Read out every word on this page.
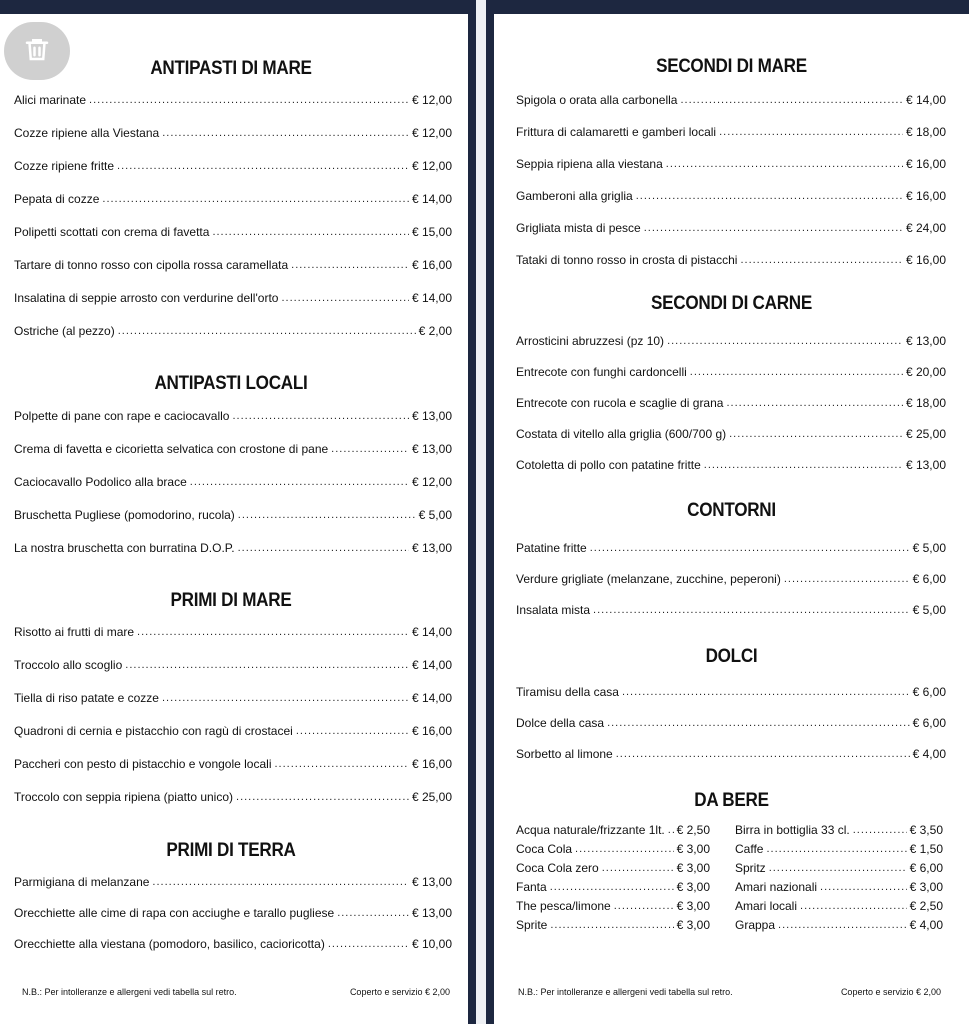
ANTIPASTI DI MARE
Alici marinate .....	€ 12,00
Cozze ripiene alla Viestana .....	€ 12,00
Cozze ripiene fritte .....	€ 12,00
Pepata di cozze .....	€ 14,00
Polipetti scottati con crema di favetta .....	€ 15,00
Tartare di tonno rosso con cipolla rossa caramellata .....	€ 16,00
Insalatina di seppie arrosto con verdurine dell'orto .....	€ 14,00
Ostriche (al pezzo) .....	€ 2,00
ANTIPASTI LOCALI
Polpette di pane con rape e caciocavallo .....	€ 13,00
Crema di favetta e cicorietta selvatica con crostone di pane .....	€ 13,00
Caciocavallo Podolico alla brace .....	€ 12,00
Bruschetta Pugliese (pomodorino, rucola) .....	€ 5,00
La nostra bruschetta con burratina D.O.P. .....	€ 13,00
PRIMI DI MARE
Risotto ai frutti di mare .....	€ 14,00
Troccolo allo scoglio .....	€ 14,00
Tiella di riso patate e cozze .....	€ 14,00
Quadroni di cernia e pistacchio con ragù di crostacei .....	€ 16,00
Paccheri con pesto di pistacchio e vongole locali .....	€ 16,00
Troccolo con seppia ripiena (piatto unico) .....	€ 25,00
PRIMI DI TERRA
Parmigiana di melanzane .....	€ 13,00
Orecchiette alle cime di rapa con acciughe e tarallo pugliese .....	€ 13,00
Orecchiette alla viestana (pomodoro, basilico, cacioricotta) .....	€ 10,00
N.B.: Per intolleranze e allergeni vedi tabella sul retro.	Coperto e servizio € 2,00
SECONDI DI MARE
Spigola o orata alla carbonella .....	€ 14,00
Frittura di calamaretti e gamberi locali .....	€ 18,00
Seppia ripiena alla viestana .....	€ 16,00
Gamberoni alla griglia .....	€ 16,00
Grigliata mista di pesce .....	€ 24,00
Tataki di tonno rosso in crosta di pistacchi .....	€ 16,00
SECONDI DI CARNE
Arrosticini abruzzesi (pz 10) .....	€ 13,00
Entrecote con funghi cardoncelli .....	€ 20,00
Entrecote con rucola e scaglie di grana .....	€ 18,00
Costata di vitello alla griglia (600/700 g) .....	€ 25,00
Cotoletta di pollo con patatine fritte .....	€ 13,00
CONTORNI
Patatine fritte .....	€ 5,00
Verdure grigliate (melanzane, zucchine, peperoni) .....	€ 6,00
Insalata mista .....	€ 5,00
DOLCI
Tiramisu della casa .....	€ 6,00
Dolce della casa .....	€ 6,00
Sorbetto al limone .....	€ 4,00
DA BERE
Acqua naturale/frizzante 1lt. ..... € 2,50
Coca Cola .....	€ 3,00
Coca Cola zero .....	€ 3,00
Fanta .....	€ 3,00
The pesca/limone .....	€ 3,00
Sprite .....	€ 3,00
Birra in bottiglia 33 cl. .....	€ 3,50
Caffe .....	€ 1,50
Spritz .....	€ 6,00
Amari nazionali .....	€ 3,00
Amari locali .....	€ 2,50
Grappa .....	€ 4,00
N.B.: Per intolleranze e allergeni vedi tabella sul retro.	Coperto e servizio € 2,00
